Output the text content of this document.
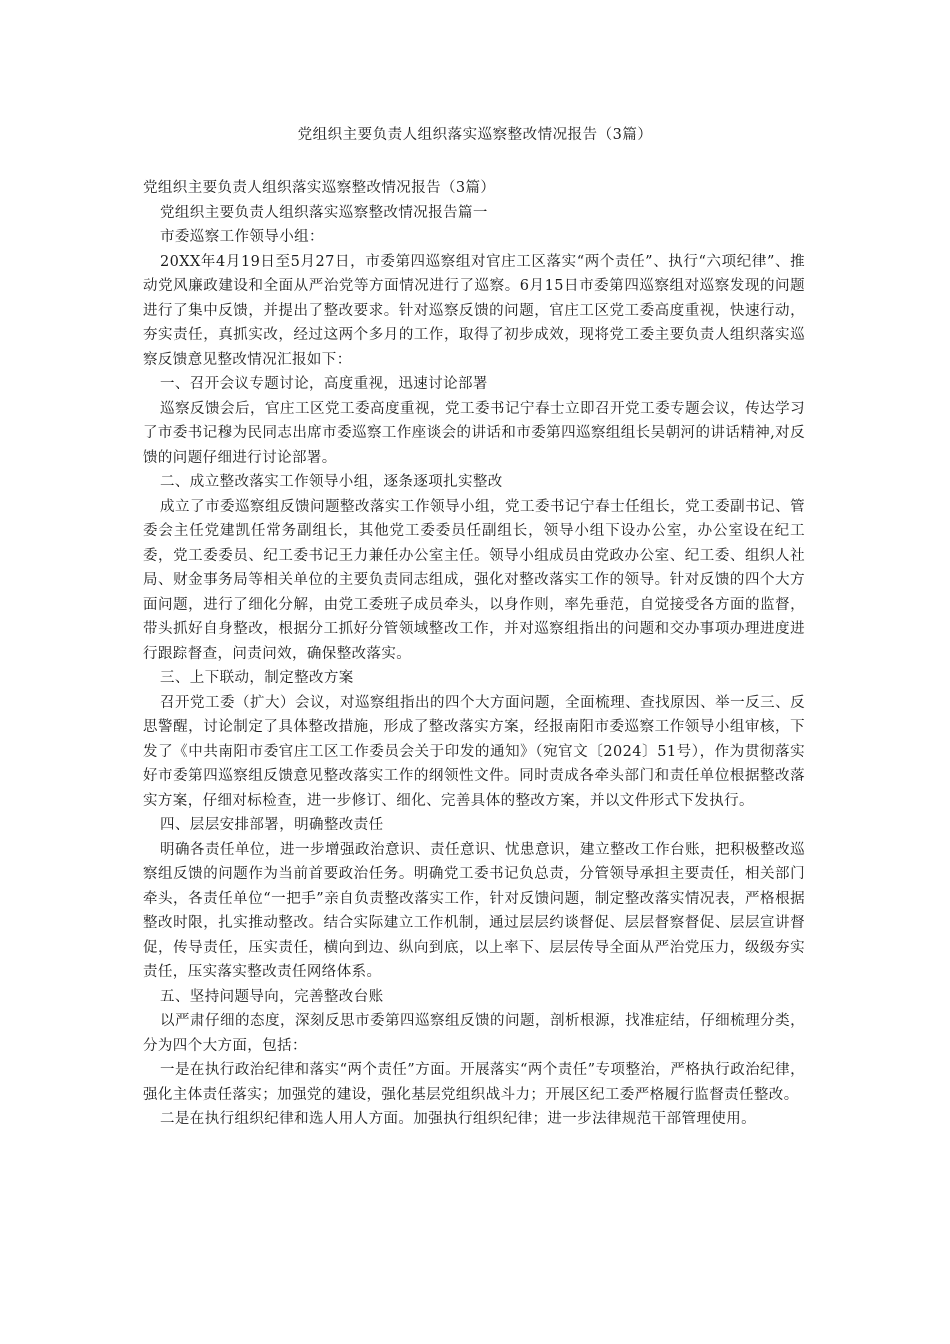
党组织主要负责人组织落实巡察整改情况报告（3篇）

党组织主要负责人组织落实巡察整改情况报告（3篇）

党组织主要负责人组织落实巡察整改情况报告篇一

市委巡察工作领导小组：

20XX年4月19日至5月27日，市委第四巡察组对官庄工区落实“两个责任”、执行“六项纪律”、推动党风廉政建设和全面从严治党等方面情况进行了巡察。6月15日市委第四巡察组对巡察发现的问题进行了集中反馈，并提出了整改要求。针对巡察反馈的问题，官庄工区党工委高度重视，快速行动，夯实责任，真抓实改，经过这两个多月的工作，取得了初步成效，现将党工委主要负责人组织落实巡察反馈意见整改情况汇报如下：

一、召开会议专题讨论，高度重视，迅速讨论部署

巡察反馈会后，官庄工区党工委高度重视，党工委书记宁春士立即召开党工委专题会议，传达学习了市委书记穆为民同志出席市委巡察工作座谈会的讲话和市委第四巡察组组长吴朝河的讲话精神,对反馈的问题仔细进行讨论部署。

二、成立整改落实工作领导小组，逐条逐项扎实整改

成立了市委巡察组反馈问题整改落实工作领导小组，党工委书记宁春士任组长，党工委副书记、管委会主任党建凯任常务副组长，其他党工委委员任副组长，领导小组下设办公室，办公室设在纪工委，党工委委员、纪工委书记王力兼任办公室主任。领导小组成员由党政办公室、纪工委、组织人社局、财金事务局等相关单位的主要负责同志组成，强化对整改落实工作的领导。针对反馈的四个大方面问题，进行了细化分解，由党工委班子成员牵头，以身作则，率先垂范，自觉接受各方面的监督，带头抓好自身整改，根据分工抓好分管领域整改工作，并对巡察组指出的问题和交办事项办理进度进行跟踪督查，问责问效，确保整改落实。

三、上下联动，制定整改方案

召开党工委（扩大）会议，对巡察组指出的四个大方面问题，全面梳理、查找原因、举一反三、反思警醒，讨论制定了具体整改措施，形成了整改落实方案，经报南阳市委巡察工作领导小组审核，下发了《中共南阳市委官庄工区工作委员会关于印发的通知》（宛官文〔2024〕51号），作为贯彻落实好市委第四巡察组反馈意见整改落实工作的纲领性文件。同时责成各牵头部门和责任单位根据整改落实方案，仔细对标检查，进一步修订、细化、完善具体的整改方案，并以文件形式下发执行。

四、层层安排部署，明确整改责任

明确各责任单位，进一步增强政治意识、责任意识、忧患意识，建立整改工作台账，把积极整改巡察组反馈的问题作为当前首要政治任务。明确党工委书记负总责，分管领导承担主要责任，相关部门牵头，各责任单位“一把手”亲自负责整改落实工作，针对反馈问题，制定整改落实情况表，严格根据整改时限，扎实推动整改。结合实际建立工作机制，通过层层约谈督促、层层督察督促、层层宣讲督促，传导责任，压实责任，横向到边、纵向到底，以上率下、层层传导全面从严治党压力，级级夯实责任，压实落实整改责任网络体系。

五、坚持问题导向，完善整改台账

以严肃仔细的态度，深刻反思市委第四巡察组反馈的问题，剖析根源，找准症结，仔细梳理分类，分为四个大方面，包括：

一是在执行政治纪律和落实“两个责任”方面。开展落实“两个责任”专项整治，严格执行政治纪律，强化主体责任落实；加强党的建设，强化基层党组织战斗力；开展区纪工委严格履行监督责任整改。

二是在执行组织纪律和选人用人方面。加强执行组织纪律；进一步法律规范干部管理使用。
